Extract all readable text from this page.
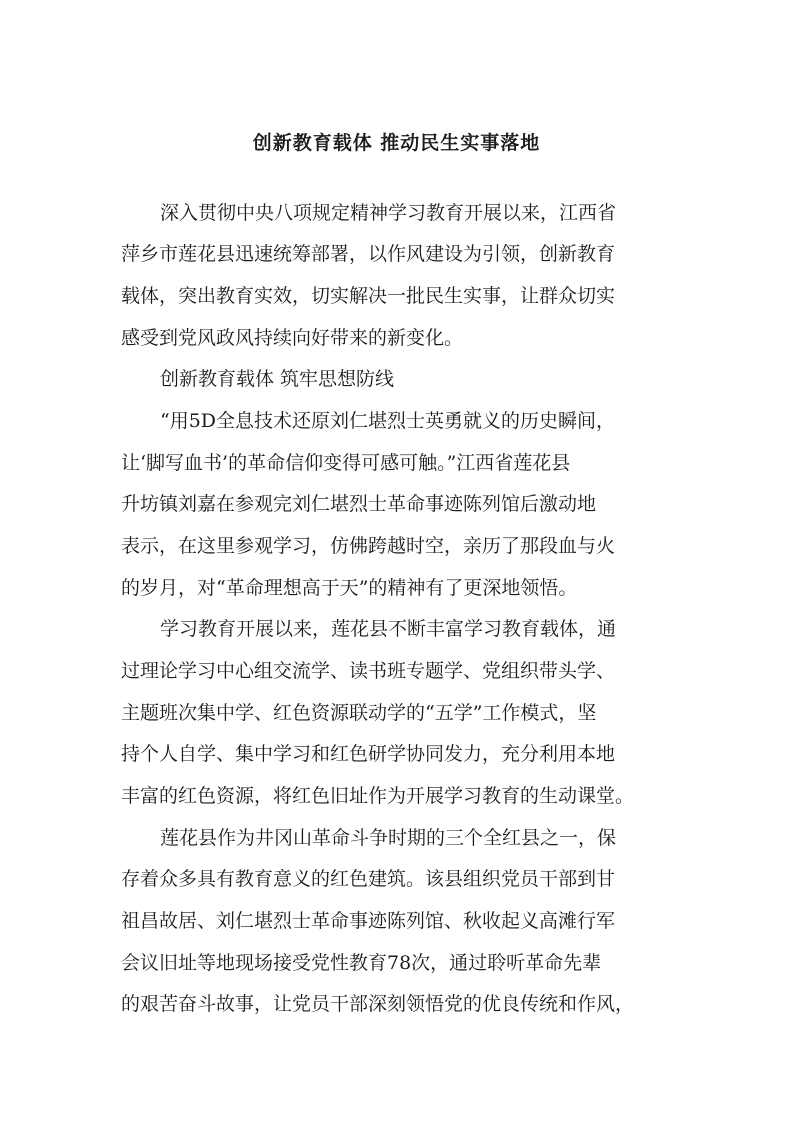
创新教育载体 推动民生实事落地

深入贯彻中央八项规定精神学习教育开展以来，江西省

萍乡市莲花县迅速统筹部署，以作风建设为引领，创新教育

载体，突出教育实效，切实解决一批民生实事，让群众切实

感受到党风政风持续向好带来的新变化。

创新教育载体 筑牢思想防线

“用5D全息技术还原刘仁堪烈士英勇就义的历史瞬间，

让‘脚写血书’的革命信仰变得可感可触。”江西省莲花县

升坊镇刘嘉在参观完刘仁堪烈士革命事迹陈列馆后激动地

表示，在这里参观学习，仿佛跨越时空，亲历了那段血与火

的岁月，对“革命理想高于天”的精神有了更深地领悟。

学习教育开展以来，莲花县不断丰富学习教育载体，通

过理论学习中心组交流学、读书班专题学、党组织带头学、

主题班次集中学、红色资源联动学的“五学”工作模式，坚

持个人自学、集中学习和红色研学协同发力，充分利用本地

丰富的红色资源，将红色旧址作为开展学习教育的生动课堂。

莲花县作为井冈山革命斗争时期的三个全红县之一，保

存着众多具有教育意义的红色建筑。该县组织党员干部到甘

祖昌故居、刘仁堪烈士革命事迹陈列馆、秋收起义高滩行军

会议旧址等地现场接受党性教育78次，通过聆听革命先辈

的艰苦奋斗故事，让党员干部深刻领悟党的优良传统和作风，
